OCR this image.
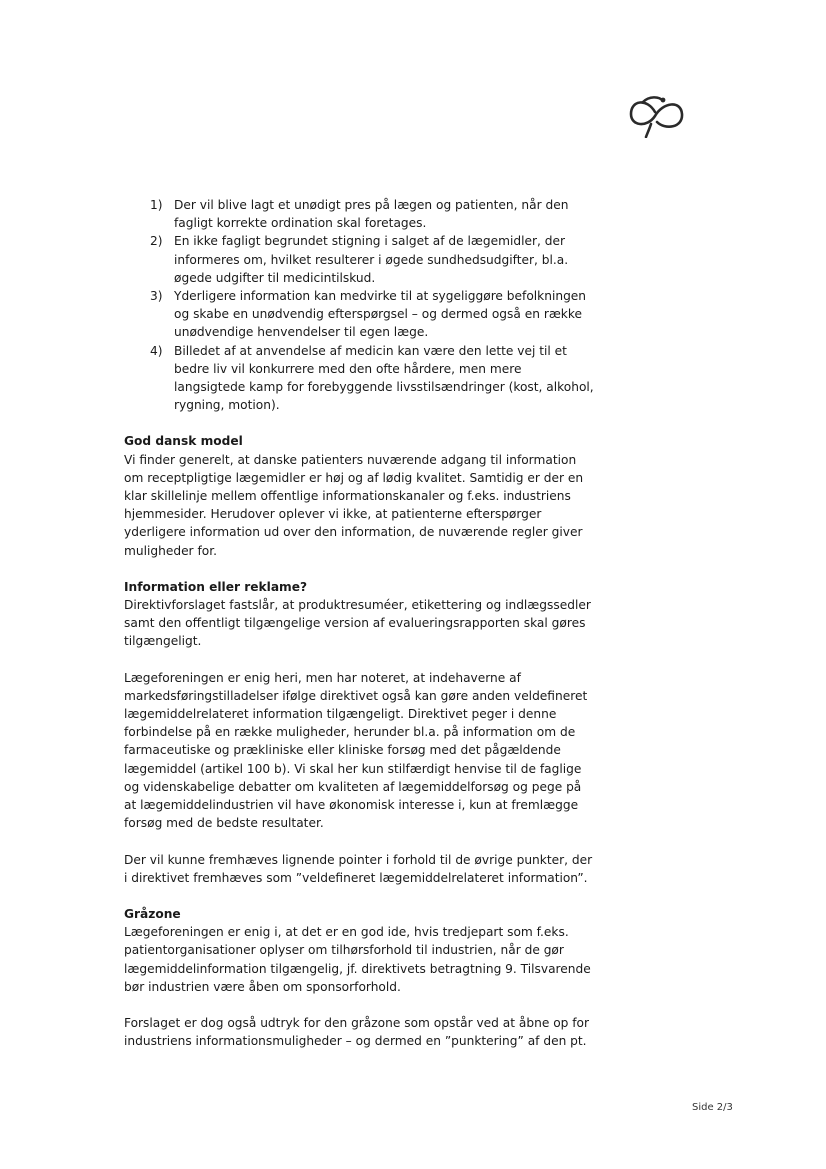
1) Der vil blive lagt et unødigt pres på lægen og patienten, når den fagligt korrekte ordination skal foretages.
2) En ikke fagligt begrundet stigning i salget af de lægemidler, der informeres om, hvilket resulterer i øgede sundhedsudgifter, bl.a. øgede udgifter til medicintilskud.
3) Yderligere information kan medvirke til at sygeliggøre befolkningen og skabe en unødvendig efterspørgsel – og dermed også en række unødvendige henvendelser til egen læge.
4) Billedet af at anvendelse af medicin kan være den lette vej til et bedre liv vil konkurrere med den ofte hårdere, men mere langsigtede kamp for forebyggende livsstilsændringer (kost, alkohol, rygning, motion).

God dansk model

Vi finder generelt, at danske patienters nuværende adgang til information om receptpligtige lægemidler er høj og af lødig kvalitet. Samtidig er der en klar skillelinje mellem offentlige informationskanaler og f.eks. industriens hjemmesider. Herudover oplever vi ikke, at patienterne efterspørger yderligere information ud over den information, de nuværende regler giver muligheder for.

Information eller reklame?

Direktivforslaget fastslår, at produktresuméer, etikettering og indlægssedler samt den offentligt tilgængelige version af evalueringsrapporten skal gøres tilgængeligt.

Lægeforeningen er enig heri, men har noteret, at indehaverne af markedsføringstilladelser ifølge direktivet også kan gøre anden veldefineret lægemiddelrelateret information tilgængeligt. Direktivet peger i denne forbindelse på en række muligheder, herunder bl.a. på information om de farmaceutiske og prækliniske eller kliniske forsøg med det pågældende lægemiddel (artikel 100 b). Vi skal her kun stilfærdigt henvise til de faglige og videnskabelige debatter om kvaliteten af lægemiddelforsøg og pege på at lægemiddelindustrien vil have økonomisk interesse i, kun at fremlægge forsøg med de bedste resultater.

Der vil kunne fremhæves lignende pointer i forhold til de øvrige punkter, der i direktivet fremhæves som ”veldefineret lægemiddelrelateret information”.

Gråzone

Lægeforeningen er enig i, at det er en god ide, hvis tredjepart som f.eks. patientorganisationer oplyser om tilhørsforhold til industrien, når de gør lægemiddelinformation tilgængelig, jf. direktivets betragtning 9. Tilsvarende bør industrien være åben om sponsorforhold.

Forslaget er dog også udtryk for den gråzone som opstår ved at åbne op for industriens informationsmuligheder – og dermed en ”punktering” af den pt.

Side 2/3
